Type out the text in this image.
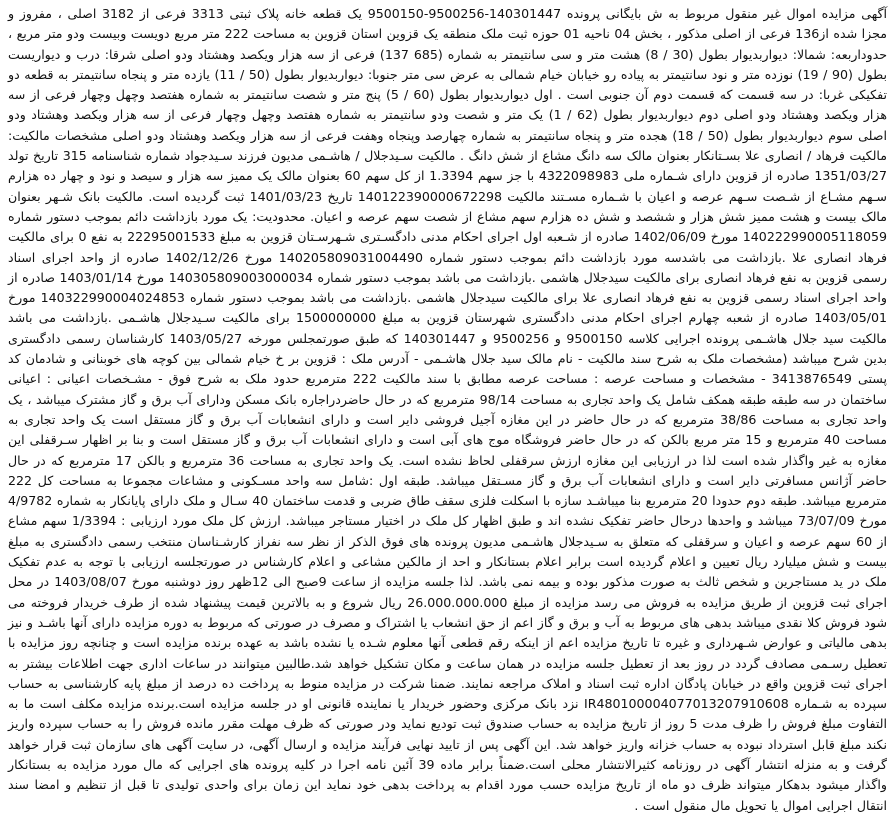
آگهی مزایده اموال غیر منقول مربوط به ش بایگانی پرونده 140301447-9500256-9500150 یک قطعه خانه پلاک ثبتی 3313 فرعی از 3182 اصلی ، مفروز و مجزا شده از136 فرعی از اصلی مذکور ، بخش 04 ناحیه 01 حوزه ثبت ملک منطقه یک قزوین استان قزوین به مساحت 222 متر مربع دویست وبیست ودو متر مربع ، حدوداربعه: شمالا: دیواربدیوار بطول (30 / 8) هشت متر و سی سانتیمتر به شماره (685 137) فرعی از سه هزار ویکصد وهشتاد ودو اصلی شرقا: درب و دیواریست بطول (90 / 19) نوزده متر و نود سانتیمتر به پیاده رو خیابان خیام شمالی به عرض سی متر جنوبا: دیواربدیوار بطول (50 / 11) یازده متر و پنجاه سانتیمتر به قطعه دو تفکیکی غربا: در سه قسمت که قسمت دوم آن جنوبی است . اول دیواربدیوار بطول (60 / 5) پنج متر و شصت سانتیمتر به شماره هفتصد وچهل وچهار فرعی از سه هزار ویکصد وهشتاد ودو اصلی دوم دیواربدیوار بطول (62 / 1) یک متر و شصت ودو سانتیمتر به شماره هفتصد وچهل وچهار فرعی از سه هزار ویکصد وهشتاد ودو اصلی سوم دیواربدیوار بطول (50 / 18) هجده متر و پنجاه سانتیمتر به شماره چهارصد وپنجاه وهفت فرعی از سه هزار ویکصد وهشتاد ودو اصلی مشخصات مالکیت: مالکیت فرهاد / انصاری علا بسـتانکار بعنوان مالک سه دانگ مشاع از شش دانگ . مالکیت سـیدجلال / هاشـمی مدیون فرزند سـیدجواد شماره شناسنامه 315 تاریخ تولد 1351/03/27 صادره از قزوین دارای شـماره ملی 4322098983 با جز سهم 1.3394 از کل سهم 60 بعنوان مالک یک ممیز سه هزار و سیصد و نود و چهار ده هزارم سـهم مشـاع از شـصت سـهم عرصه و اعیان با شـماره مسـتند مالکیت 140122390000672298 تاریخ 1401/03/23 ثبت گردیده است. مالکیت بانک شـهر بعنوان مالک بیست و هشت ممیز شش هزار و ششصد و شش ده هزارم سهم مشاع از شصت سهم عرصه و اعیان. محدودیت: یک مورد بازداشت دائم بموجب دستور شماره 140222990005118059 مورخ 1402/06/09 صادره از شـعبه اول اجرای احکام مدنی دادگسـتری شـهرسـتان قزوین به مبلغ 22295001533 به نفع 0 برای مالکیت فرهاد انصاری علا .بازداشت می باشدسه مورد بازداشت دائم بموجب دستور شماره 140205809031004490 مورخ 1402/12/26 صادره از واحد اجرای اسناد رسمی قزوین به نفع فرهاد انصاری برای مالکیت سیدجلال هاشمی .بازداشت می باشد بموجب دستور شماره 140305809003000034 مورخ 1403/01/14 صادره از واحد اجرای اسناد رسمی قزوین به نفع فرهاد انصاری علا برای مالکیت سیدجلال هاشمی .بازداشت می باشد بموجب دستور شماره 140322990004024853 مورخ 1403/05/01 صادره از شعبه چهارم اجرای احکام مدنی دادگستری شهرستان قزوین به مبلغ 1500000000 برای مالکیت سـیدجلال هاشـمی .بازداشت می باشد مالکیت سید جلال هاشـمی پرونده اجرایی کلاسه 9500150 و 9500256 و 140301447 که طبق صورتمجلس مورخه 1403/05/27 کارشناسان رسمی دادگستری بدین شرح میباشد (مشخصات ملک به شرح سند مالکیت - نام مالک سید جلال هاشـمی - آدرس ملک : قزوین بر خ خیام شمالی بین کوچه های خوبنانی و شادمان کد پستی 3413876549 - مشخصات و مساحت عرصه : مساحت عرصه مطابق با سند مالکیت 222 مترمربع حدود ملک به شرح فوق - مشـخصات اعیانی : اعیانی ساختمان در سه طبقه طبقه همکف شامل یک واحد تجاری به مساحت 98/14 مترمربع که در حال حاضردراجاره بانک مسکن ودارای آب برق و گاز مشترک میباشد ، یک واحد تجاری به مساحت 38/86 مترمربع که در حال حاضر در این مغازه آجیل فروشی دایر است و دارای انشعابات آب برق و گاز مستقل است یک واحد تجاری به مساحت 40 مترمربع و 15 متر مربع بالکن که در حال حاضر فروشگاه موج های آبی است و دارای انشعابات آب برق و گاز مستقل است و بنا بر اظهار سـرقفلی این مغازه به غیر واگذار شده است لذا در ارزیابی این مغازه ارزش سرقفلی لحاظ نشده است. یک واحد تجاری به مساحت 36 مترمربع و بالکن 17 مترمربع که در حال حاضر آژانس مسافرتی دایر است و دارای انشعابات آب برق و گاز مسـتقل میباشد. طبقه اول :شامل سه واحد مسـکونی و مشاعات مجموعا به مساحت کل 222 مترمربع میباشد. طبقه دوم حدودا 20 مترمربع بنا میباشـد سازه با اسکلت فلزی سقف طاق ضربی و قدمت ساختمان 40 سـال و ملک دارای پایانکار به شماره 4/9782 مورخ 73/07/09 میباشد و واحدها درحال حاضر تفکیک نشده اند و طبق اظهار کل ملک در اختیار مستاجر میباشد. ارزش کل ملک مورد ارزیابی : 1/3394 سهم مشاع از 60 سهم عرصه و اعیان و سرقفلی که متعلق به سـیدجلال هاشـمی مدیون پرونده های فوق الذکر از نظر سه نفراز کارشـناسان منتخب رسمی دادگستری به مبلغ بیست و شش میلیارد ریال تعیین و اعلام گردیده است برابر اعلام بستانکار و احد از مالکین مشاعی و اعلام کارشناس در صورتجلسه ارزیابی با توجه به عدم تفکیک ملک در ید مستاجرین و شخص ثالث به صورت مذکور بوده و بیمه نمی باشد. لذا جلسه مزایده از ساعت 9صبح الی 12ظهر روز دوشنبه مورخ 1403/08/07 در محل اجرای ثبت قزوین از طریق مزایده به فروش می رسد مزایده از مبلغ 26.000.000.000 ریال شروع و به بالاترین قیمت پیشنهاد شده از طرف خریدار فروخته می شود فروش کلا نقدی میباشد بدهی های مربوط به آب و برق و گاز اعم از حق انشعاب یا اشتراک و مصرف در صورتی که مربوط به دوره مزایده دارای آنها باشـد و نیز بدهی مالیاتی و عوارض شـهرداری و غیره تا تاریخ مزایده اعم از اینکه رقم قطعی آنها معلوم شـده یا نشده باشد به عهده برنده مزایده است و چنانچه روز مزایده با تعطیل رسـمی مصادف گردد در روز بعد از تعطیل جلسه مزایده در همان ساعت و مکان تشکیل خواهد شد.طالبین میتوانند در ساعات اداری جهت اطلاعات بیشتر به اجرای ثبت قزوین واقع در خیابان پادگان اداره ثبت اسناد و املاک مراجعه نمایند. ضمنا شرکت در مزایده منوط به پرداخت ده درصد از مبلغ پایه کارشناسی به حساب سپرده به شـماره IR480100004077013207910608 نزد بانک مرکزی وحضور خریدار یا نماینده قانونی او در جلسه مزایده است.برنده مزایده مکلف است ما به التفاوت مبلغ فروش را ظرف مدت 5 روز از تاریخ مزایده به حساب صندوق ثبت تودیع نماید ودر صورتی که ظرف مهلت مقرر مانده فروش را به حساب سپرده واریز نکند مبلغ قابل استرداد نبوده به حساب خزانه واریز خواهد شد. این آگهی پس از تایید نهایی فرآیند مزایده و ارسال آگهی، در سایت آگهی های سازمان ثبت قرار خواهد گرفت و به منزله انتشار آگهی در روزنامه کثیرالانتشار محلی است.ضمناً برابر ماده 39 آئین نامه اجرا در کلیه پرونده های اجرایی که مال مورد مزایده به بستانکار واگذار میشود بدهکار میتواند ظرف دو ماه از تاریخ مزایده حسب مورد اقدام به پرداخت بدهی خود نماید این زمان برای واحدی تولیدی تا قبل از تنظیم و امضا سند انتقال اجرایی اموال یا تحویل مال منقول است .
